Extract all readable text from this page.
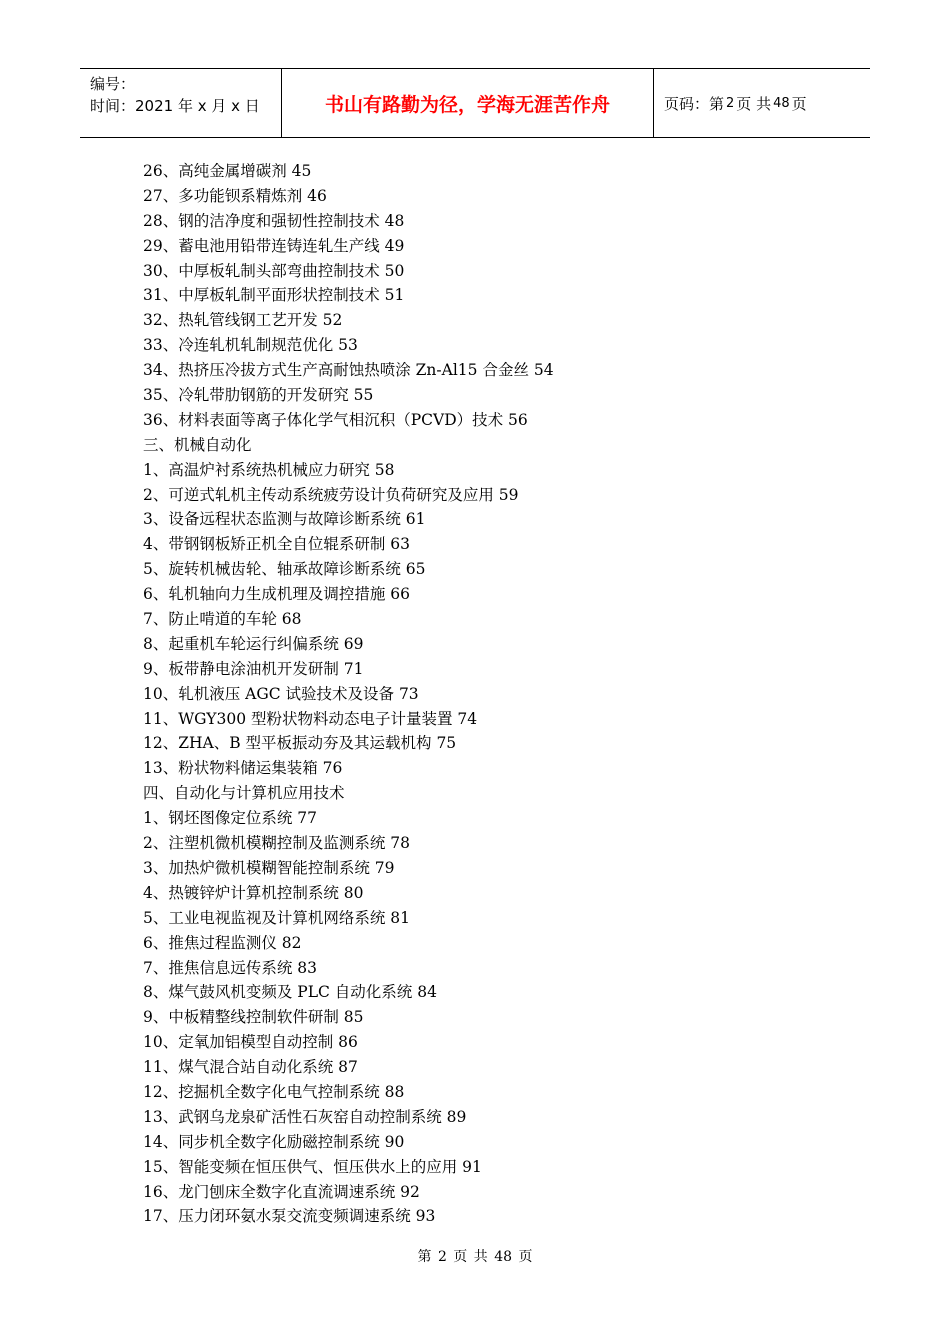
编号：
时间：2021 年 x 月 x 日	书山有路勤为径，学海无涯苦作舟	页码：第 2 页 共 48 页
26、高纯金属增碳剂 45
27、多功能钡系精炼剂 46
28、钢的洁净度和强韧性控制技术 48
29、蓄电池用铅带连铸连轧生产线 49
30、中厚板轧制头部弯曲控制技术 50
31、中厚板轧制平面形状控制技术 51
32、热轧管线钢工艺开发 52
33、冷连轧机轧制规范优化 53
34、热挤压冷拔方式生产高耐蚀热喷涂 Zn-Al15 合金丝 54
35、冷轧带肋钢筋的开发研究 55
36、材料表面等离子体化学气相沉积（PCVD）技术 56
三、机械自动化
1、高温炉衬系统热机械应力研究 58
2、可逆式轧机主传动系统疲劳设计负荷研究及应用 59
3、设备远程状态监测与故障诊断系统 61
4、带钢钢板矫正机全自位辊系研制 63
5、旋转机械齿轮、轴承故障诊断系统 65
6、轧机轴向力生成机理及调控措施 66
7、防止啃道的车轮 68
8、起重机车轮运行纠偏系统 69
9、板带静电涂油机开发研制 71
10、轧机液压 AGC 试验技术及设备 73
11、WGY300 型粉状物料动态电子计量装置 74
12、ZHA、B 型平板振动夯及其运载机构 75
13、粉状物料储运集装箱 76
四、自动化与计算机应用技术
1、钢坯图像定位系统 77
2、注塑机微机模糊控制及监测系统 78
3、加热炉微机模糊智能控制系统 79
4、热镀锌炉计算机控制系统 80
5、工业电视监视及计算机网络系统 81
6、推焦过程监测仪 82
7、推焦信息远传系统 83
8、煤气鼓风机变频及 PLC 自动化系统 84
9、中板精整线控制软件研制 85
10、定氧加铝模型自动控制 86
11、煤气混合站自动化系统 87
12、挖掘机全数字化电气控制系统 88
13、武钢乌龙泉矿活性石灰窑自动控制系统 89
14、同步机全数字化励磁控制系统 90
15、智能变频在恒压供气、恒压供水上的应用 91
16、龙门刨床全数字化直流调速系统 92
17、压力闭环氨水泵交流变频调速系统 93
第 2 页 共 48 页
